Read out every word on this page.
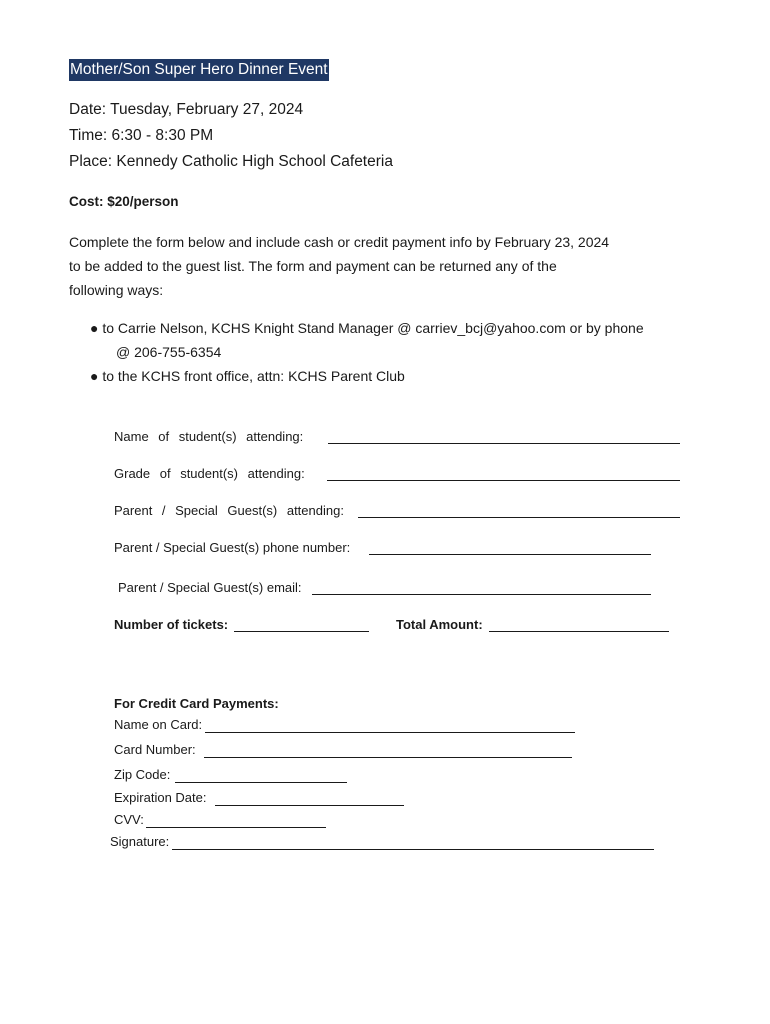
Mother/Son Super Hero Dinner Event
Date: Tuesday, February 27, 2024
Time: 6:30 - 8:30 PM
Place: Kennedy Catholic High School Cafeteria
Cost: $20/person
Complete the form below and include cash or credit payment info by February 23, 2024
to be added to the guest list. The form and payment can be returned any of the
following ways:
● to Carrie Nelson, KCHS Knight Stand Manager @ carriev_bcj@yahoo.com or by phone
@ 206-755-6354
● to the KCHS front office, attn: KCHS Parent Club
Name of student(s) attending:
Grade of student(s) attending:
Parent / Special Guest(s) attending:
Parent / Special Guest(s) phone number:
Parent / Special Guest(s) email:
Number of tickets:	Total Amount:
For Credit Card Payments:
Name on Card:
Card Number:
Zip Code:
Expiration Date:
CVV:
Signature:
